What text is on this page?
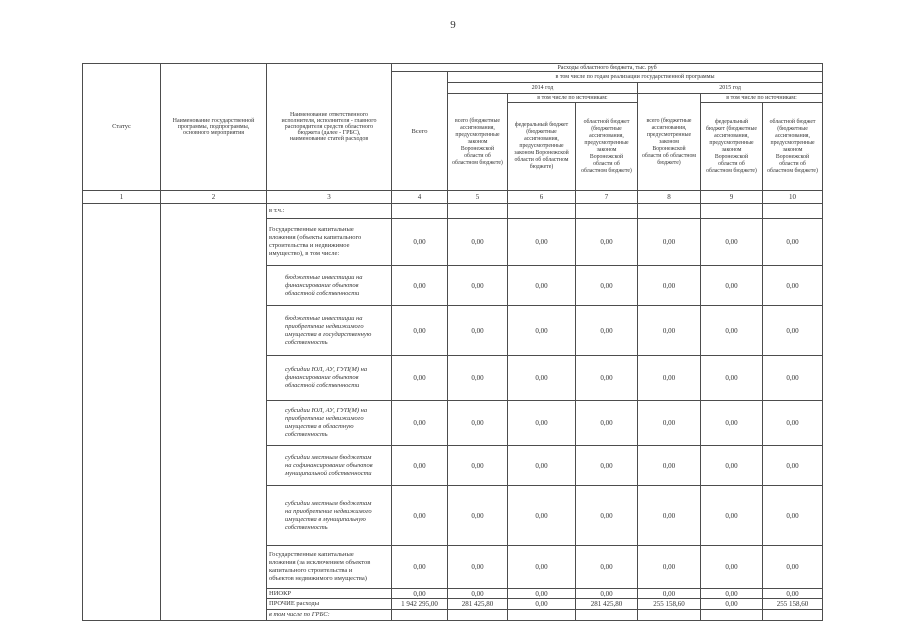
9
Статус	Наименование государственной программы, подпрограммы, основного мероприятия	Наименование ответственного исполнителя, исполнителя - главного распорядителя средств областного бюджета (далее - ГРБС), наименование статей расходов	Расходы областного бюджета, тыс. руб						
			Всего	в том числе по годам реализации государственной программы					
				2014 год			2015 год		
				всего (бюджетные ассигнования, предусмотренные законом Воронежской области об областном бюджете)	в том числе по источникам:		всего (бюджетные ассигнования, предусмотренные законом Воронежской области об областном бюджете)	в том числе по источникам:	
					федеральный бюджет (бюджетные ассигнования, предусмотренные законом Воронежской области об областном бюджете)	областной бюджет (бюджетные ассигнования, предусмотренные законом Воронежской области об областном бюджете)		федеральный бюджет (бюджетные ассигнования, предусмотренные законом Воронежской области об областном бюджете)	областной бюджет (бюджетные ассигнования, предусмотренные законом Воронежской области об областном бюджете)
1	2	3	4	5	6	7	8	9	10
		в т.ч.:							
		Государственные капитальные вложения (объекты капитального строительства и недвижимое имущество), в том числе:	0,00	0,00	0,00	0,00	0,00	0,00	0,00
		бюджетные инвестиции на финансирование объектов областной собственности	0,00	0,00	0,00	0,00	0,00	0,00	0,00
		бюджетные инвестиции на приобретение недвижимого имущества в государственную собственность	0,00	0,00	0,00	0,00	0,00	0,00	0,00
		субсидии ЮЛ, АУ, ГУП(М) на финансирование объектов областной собственности	0,00	0,00	0,00	0,00	0,00	0,00	0,00
		субсидии ЮЛ, АУ, ГУП(М) на приобретение недвижимого имущества в областную собственность	0,00	0,00	0,00	0,00	0,00	0,00	0,00
		субсидии местным бюджетам на софинансирование объектов муниципальной собственности	0,00	0,00	0,00	0,00	0,00	0,00	0,00
		субсидии местным бюджетам на приобретение недвижимого имущества в муниципальную собственность	0,00	0,00	0,00	0,00	0,00	0,00	0,00
		Государственные капитальные вложения (за исключением объектов капитального строительства и объектов недвижимого имущества)	0,00	0,00	0,00	0,00	0,00	0,00	0,00
		НИОКР	0,00	0,00	0,00	0,00	0,00	0,00	0,00
		ПРОЧИЕ расходы	1 942 295,00	281 425,80	0,00	281 425,80	255 158,60	0,00	255 158,60
		в том числе по ГРБС:							
